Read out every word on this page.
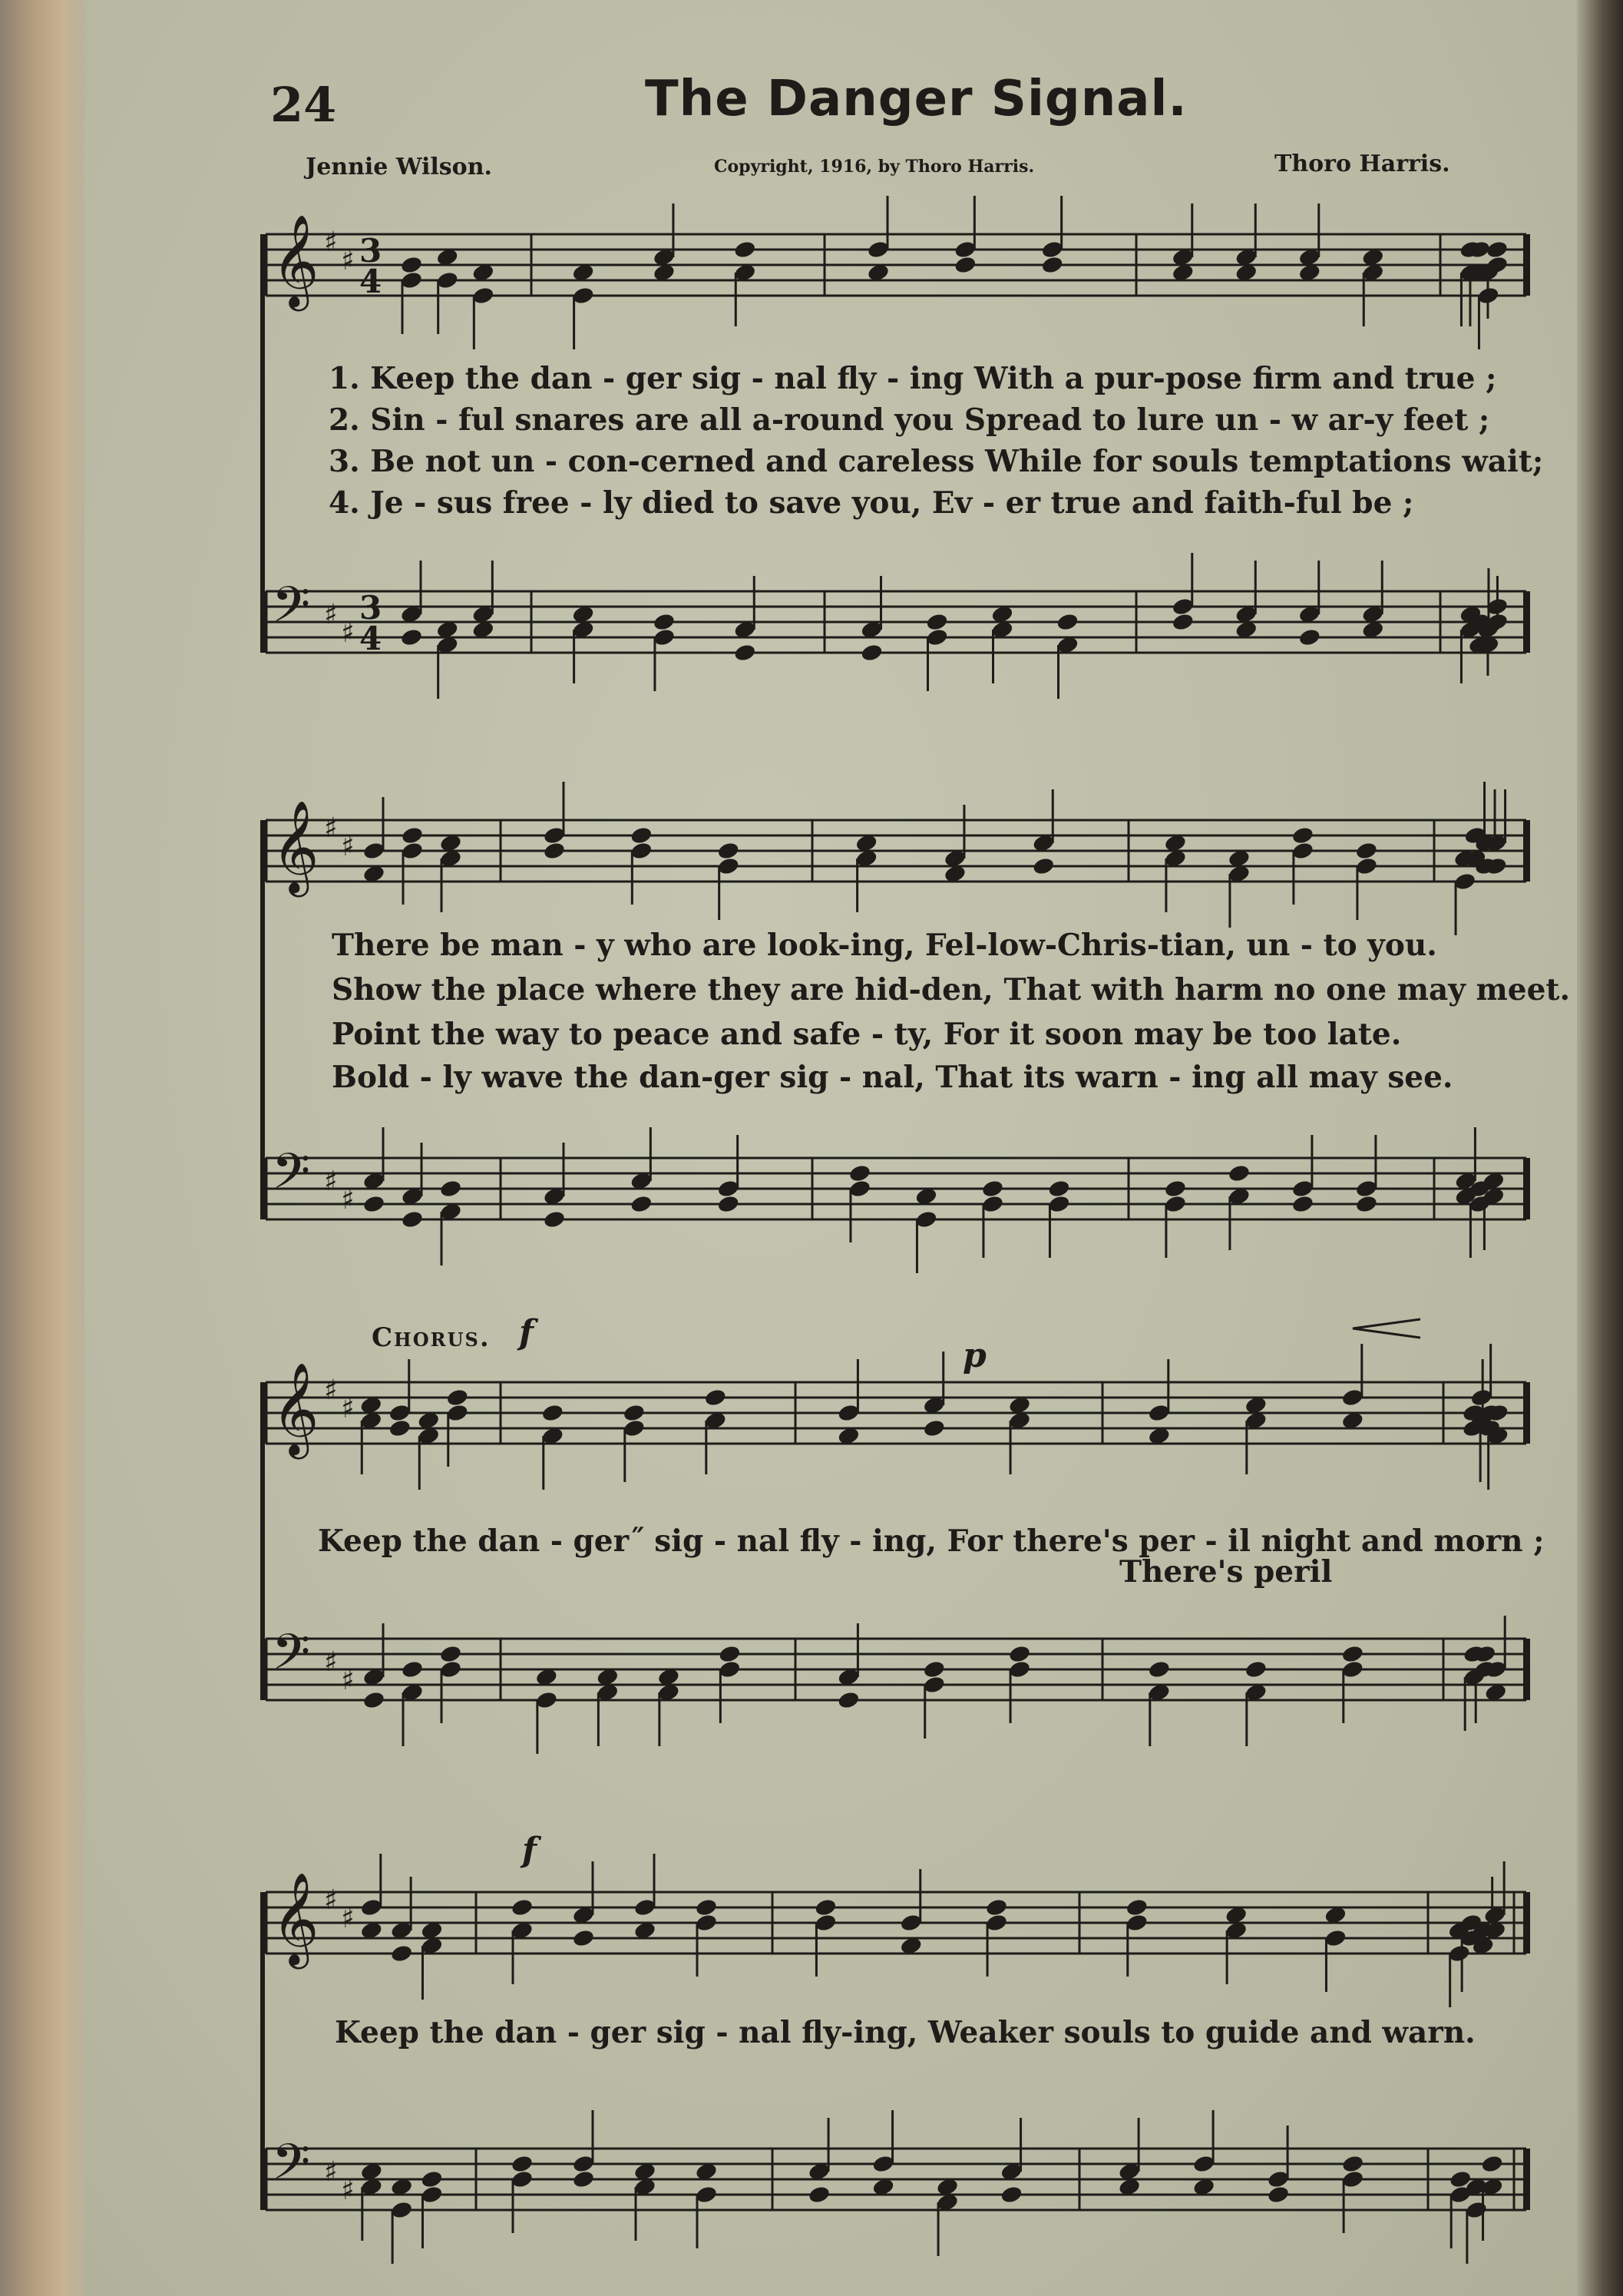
𝄞 ♯
♯ 3
4
𝄢 ♯
♯
3
4
𝄞 ♯
♯
𝄢 ♯
♯
𝄞 ♯
♯
𝄢 ♯
♯
𝄞 ♯
♯
𝄢 ♯
♯
24	The Danger Signal.
Jennie Wilson.	Copyright, 1916, by Thoro Harris.	Thoro Harris.
1. Keep the dan - ger sig - nal fly - ing With a pur-pose firm and true ;
2. Sin - ful snares are all a-round you Spread to lure un - w ar-y feet ;
3. Be not un - con-cerned and careless While for souls temptations wait;
4. Je - sus free - ly died to save you, Ev - er true and faith-ful be ;
There be man - y who are look-ing, Fel-low-Chris-tian, un - to you.
Show the place where they are hid-den, That with harm no one may meet.
Point the way to peace and safe - ty, For it soon may be too late.
Bold - ly wave the dan-ger sig - nal, That its warn - ing all may see.
Chorus. f
p
Keep the dan - ger˝ sig - nal fly - ing, For there's per - il night and morn ;
There's peril
f
Keep the dan - ger sig - nal fly-ing, Weaker souls to guide and warn.
